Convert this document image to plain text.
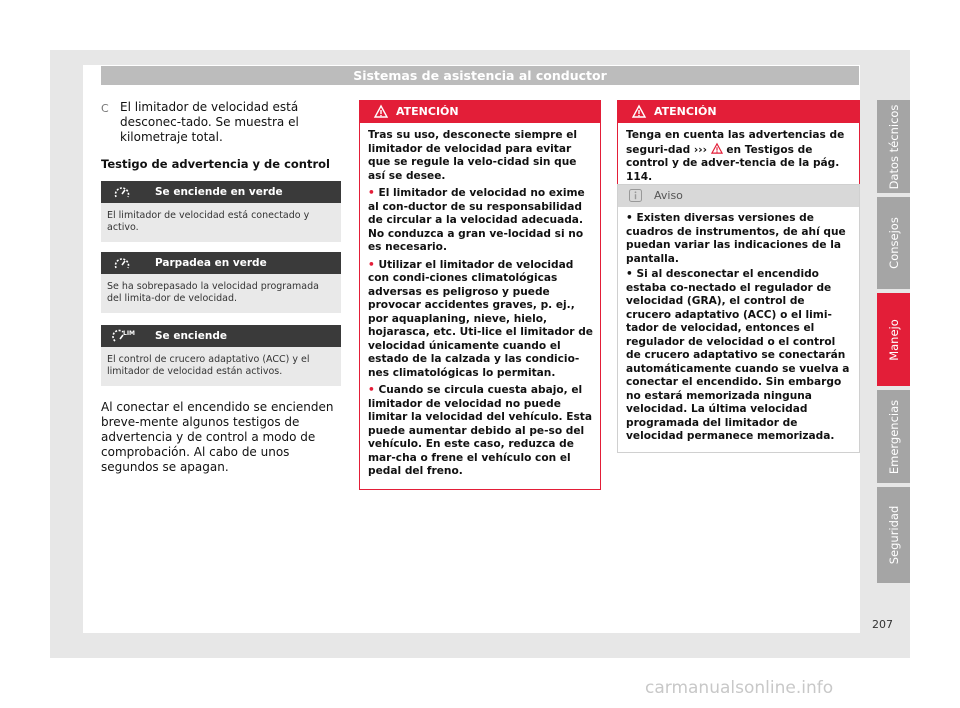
Sistemas de asistencia al conductor
Datos técnicos
Consejos
Manejo
Emergencias
Seguridad
C El limitador de velocidad está desconec-tado. Se muestra el kilometraje total.
Testigo de advertencia y de control
Se enciende en verde
El limitador de velocidad está conectado y activo.
Parpadea en verde
Se ha sobrepasado la velocidad programada del limita-dor de velocidad.
LIM Se enciende
El control de crucero adaptativo (ACC) y el limitador de velocidad están activos.
Al conectar el encendido se encienden breve-mente algunos testigos de advertencia y de control a modo de comprobación. Al cabo de unos segundos se apagan.
ATENCIÓN

Tras su uso, desconecte siempre el limitador de velocidad para evitar que se regule la velo-cidad sin que así se desee.

• El limitador de velocidad no exime al con-ductor de su responsabilidad de circular a la velocidad adecuada. No conduzca a gran ve-locidad si no es necesario.

• Utilizar el limitador de velocidad con condi-ciones climatológicas adversas es peligroso y puede provocar accidentes graves, p. ej., por aquaplaning, nieve, hielo, hojarasca, etc. Uti-lice el limitador de velocidad únicamente cuando el estado de la calzada y las condicio-nes climatológicas lo permitan.

• Cuando se circula cuesta abajo, el limitador de velocidad no puede limitar la velocidad del vehículo. Esta puede aumentar debido al pe-so del vehículo. En este caso, reduzca de mar-cha o frene el vehículo con el pedal del freno.

ATENCIÓN

Tenga en cuenta las advertencias de seguri-dad ››› en Testigos de control y de adver-tencia de la pág. 114.

Aviso

• Existen diversas versiones de cuadros de instrumentos, de ahí que puedan variar las indicaciones de la pantalla.

• Si al desconectar el encendido estaba co-nectado el regulador de velocidad (GRA), el control de crucero adaptativo (ACC) o el limi-tador de velocidad, entonces el regulador de velocidad o el control de crucero adaptativo se conectarán automáticamente cuando se vuelva a conectar el encendido. Sin embargo no estará memorizada ninguna velocidad. La última velocidad programada del limitador de velocidad permanece memorizada.

207
carmanualsonline.info
